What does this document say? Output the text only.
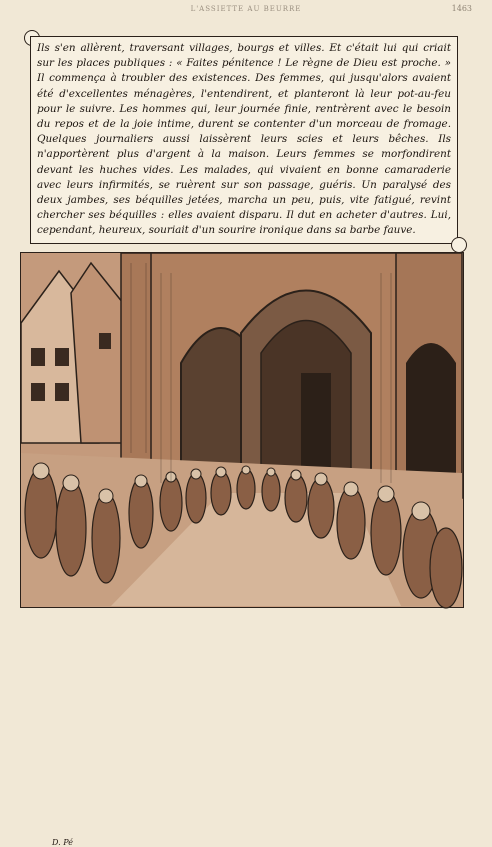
L'ASSIETTE AU BEURRE	1463

Ils s'en allèrent, traversant villages, bourgs et villes. Et c'était lui qui criait sur les places publiques : « Faites pénitence ! Le règne de Dieu est proche. » Il commença à troubler des existences. Des femmes, qui jusqu'alors avaient été d'excellentes ménagères, l'entendirent, et planteront là leur pot-au-feu pour le suivre. Les hommes qui, leur journée finie, rentrèrent avec le besoin du repos et de la joie intime, durent se contenter d'un morceau de fromage. Quelques journaliers aussi laissèrent leurs scies et leurs bêches. Ils n'apportèrent plus d'argent à la maison. Leurs femmes se morfondirent devant les huches vides. Les malades, qui vivaient en bonne camaraderie avec leurs infirmités, se ruèrent sur son passage, guéris. Un paralysé des deux jambes, ses béquilles jetées, marcha un peu, puis, vite fatigué, revint chercher ses béquilles : elles avaient disparu. Il dut en acheter d'autres. Lui, cependant, heureux, souriait d'un sourire ironique dans sa barbe fauve.

D. Pé
